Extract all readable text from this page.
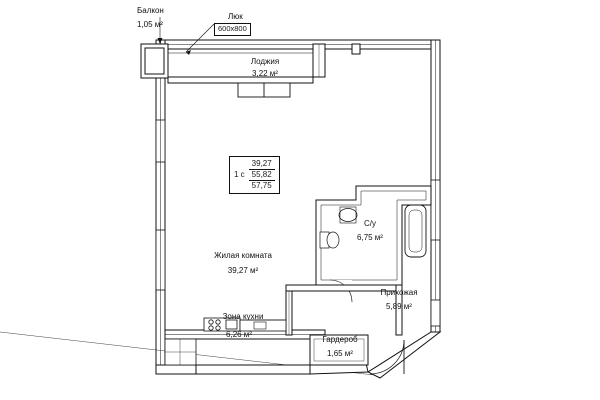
Балкон
1,05 м²
Люк
600x800
Лоджия
3,22 м²
Жилая комната
39,27 м²
С/у
6,75 м²
Прихожая
5,89 м²
Зона кухни
6,26 м²
Гардероб
1,65 м²
1 с
39,27
55,82
57,75
